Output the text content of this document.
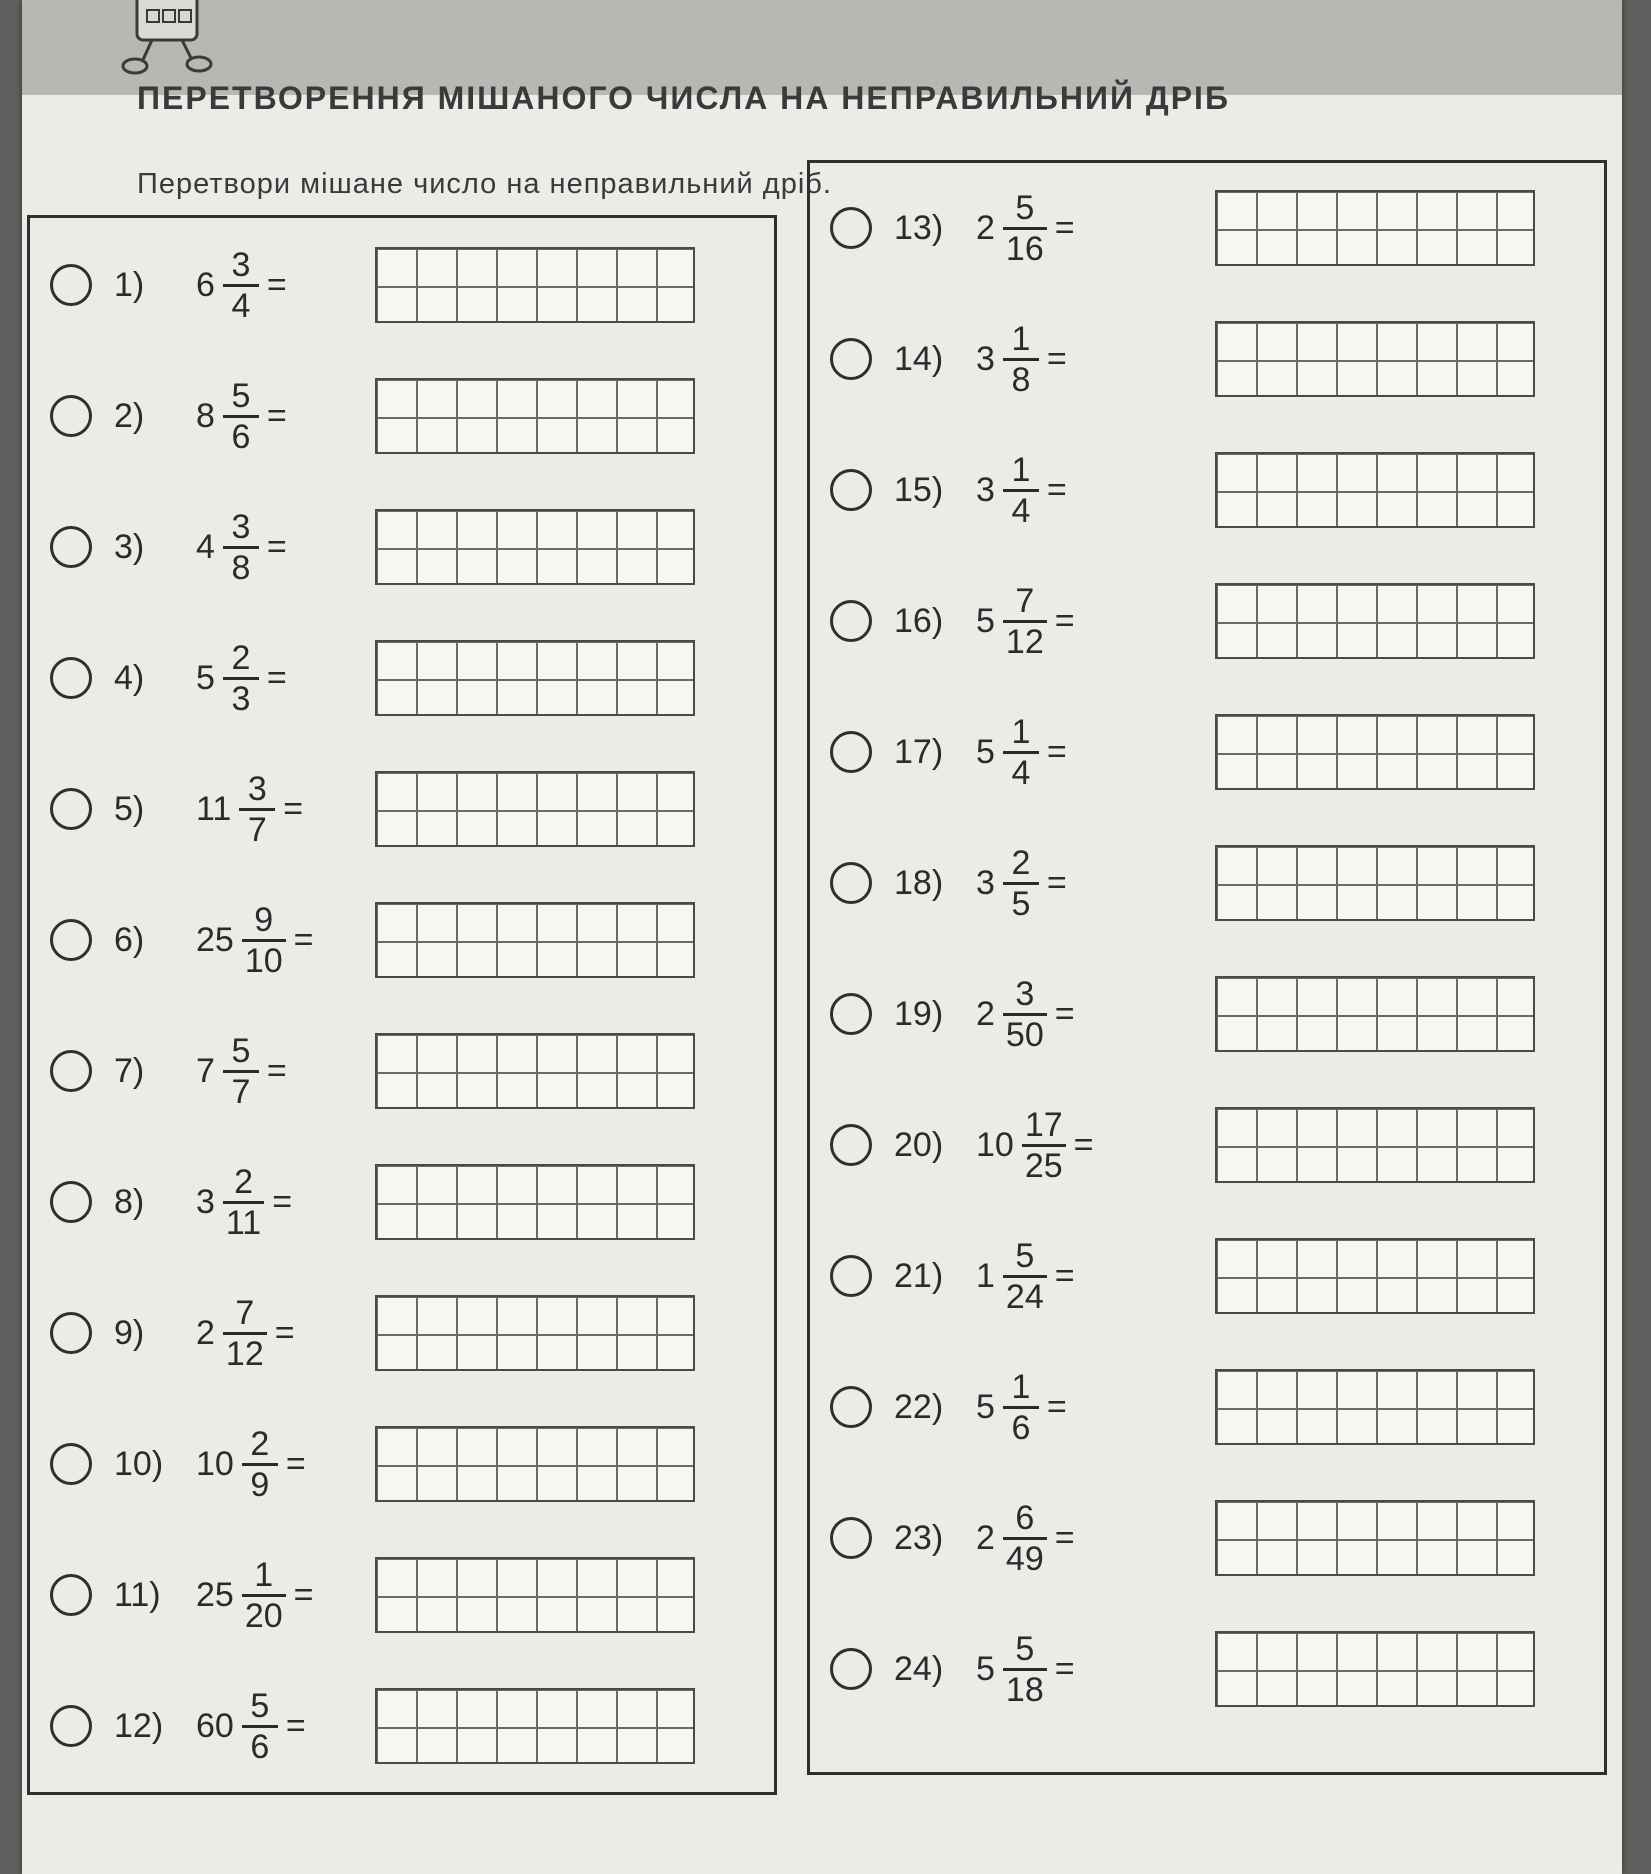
ПЕРЕТВОРЕННЯ МІШАНОГО ЧИСЛА НА НЕПРАВИЛЬНИЙ ДРІБ
Перетвори мішане число на неправильний дріб.
1)	$6 \frac{3}{4}$ =
2)	$8 \frac{5}{6}$ =
3)	$4 \frac{3}{8}$ =
4)	$5 \frac{2}{3}$ =
5)	$11 \frac{3}{7}$ =
6)	$25 \frac{9}{10}$ =
7)	$7 \frac{5}{7}$ =
8)	$3 \frac{2}{11}$ =
9)	$2 \frac{7}{12}$ =
10) $10 \frac{2}{9}$ =
11)	$25 \frac{1}{20}$ =
12) $60 \frac{5}{6}$ =
13) $2 \frac{5}{16}$ =
14) $3 \frac{1}{8}$ =
15) $3 \frac{1}{4}$ =
16) $5 \frac{7}{12}$ =
17) $5 \frac{1}{4}$ =
18) $3 \frac{2}{5}$ =
19) $2 \frac{3}{50}$ =
20) $10 \frac{17}{25}$ =
21) $1 \frac{5}{24}$ =
22) $5 \frac{1}{6}$ =
23) $2 \frac{6}{49}$ =
24) $5 \frac{5}{18}$ =
